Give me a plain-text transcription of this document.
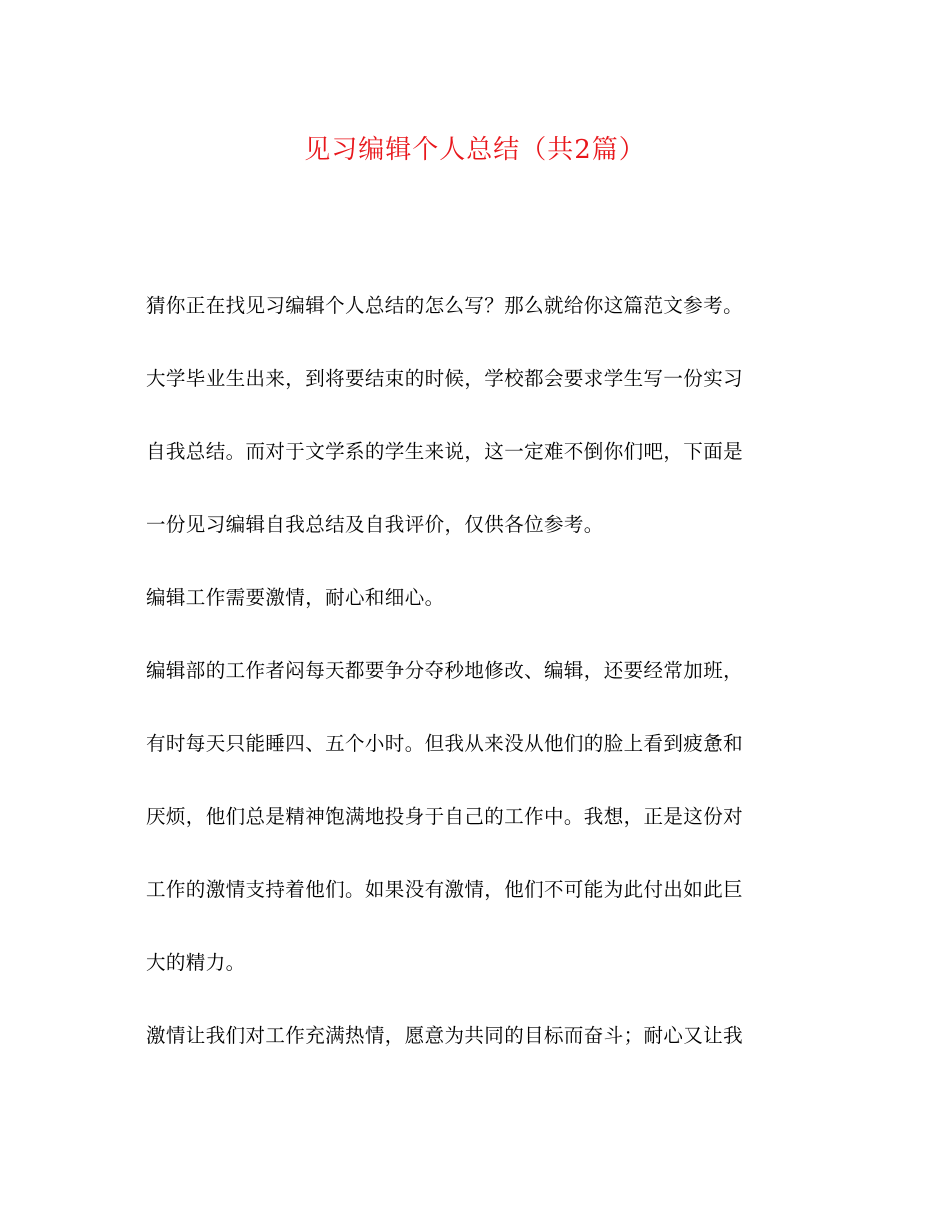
见习编辑个人总结（共2篇）
猜你正在找见习编辑个人总结的怎么写？那么就给你这篇范文参考。
大学毕业生出来，到将要结束的时候，学校都会要求学生写一份实习
自我总结。而对于文学系的学生来说，这一定难不倒你们吧，下面是
一份见习编辑自我总结及自我评价，仅供各位参考。
编辑工作需要激情，耐心和细心。
编辑部的工作者闷每天都要争分夺秒地修改、编辑，还要经常加班，
有时每天只能睡四、五个小时。但我从来没从他们的脸上看到疲惫和
厌烦，他们总是精神饱满地投身于自己的工作中。我想，正是这份对
工作的激情支持着他们。如果没有激情，他们不可能为此付出如此巨
大的精力。
激情让我们对工作充满热情，愿意为共同的目标而奋斗；耐心又让我
